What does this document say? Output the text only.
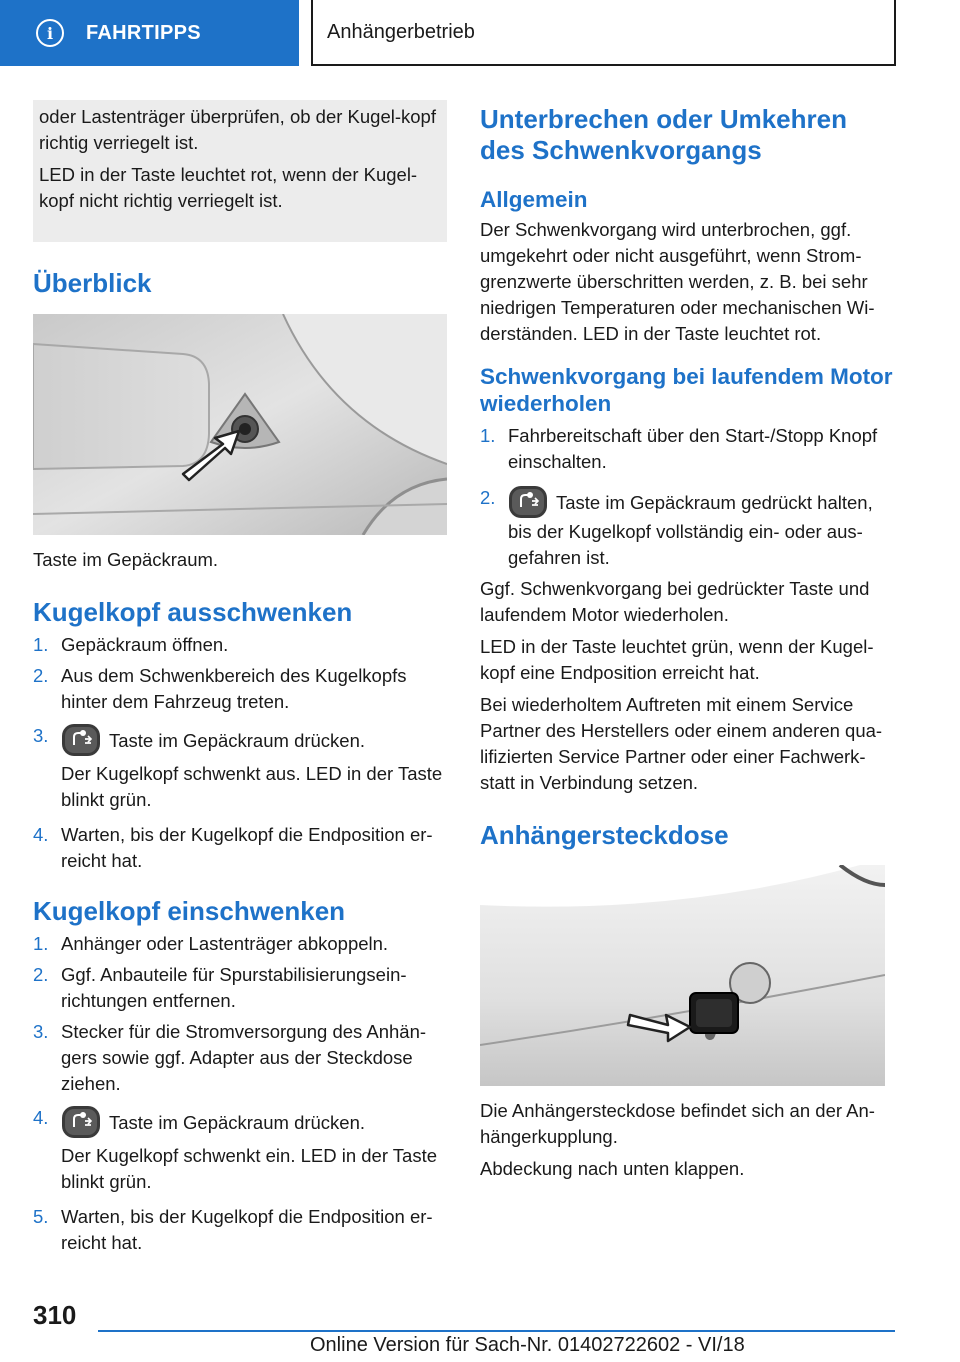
i	FAHRTIPPS	Anhängerbetrieb

oder Lastenträger überprüfen, ob der Kugel-kopf richtig verriegelt ist.

LED in der Taste leuchtet rot, wenn der Kugel-kopf nicht richtig verriegelt ist.

Überblick

Taste im Gepäckraum.

Kugelkopf ausschwenken
1. Gepäckraum öffnen.
2. Aus dem Schwenkbereich des Kugelkopfs hinter dem Fahrzeug treten.
3.	Taste im Gepäckraum drücken.

Der Kugelkopf schwenkt aus. LED in der Taste blinkt grün.

4. Warten, bis der Kugelkopf die Endposition er-reicht hat.
Kugelkopf einschwenken
1. Anhänger oder Lastenträger abkoppeln.
2. Ggf. Anbauteile für Spurstabilisierungsein-richtungen entfernen.
3. Stecker für die Stromversorgung des Anhän-gers sowie ggf. Adapter aus der Steckdose ziehen.
4.	Taste im Gepäckraum drücken.

Der Kugelkopf schwenkt ein. LED in der Taste blinkt grün.

5. Warten, bis der Kugelkopf die Endposition er-reicht hat.
Unterbrechen oder Umkehren des Schwenkvorgangs
Allgemein

Der Schwenkvorgang wird unterbrochen, ggf. umgekehrt oder nicht ausgeführt, wenn Strom-grenzwerte überschritten werden, z. B. bei sehr niedrigen Temperaturen oder mechanischen Wi-derständen. LED in der Taste leuchtet rot.

Schwenkvorgang bei laufendem Motor wiederholen
1. Fahrbereitschaft über den Start-/Stopp Knopf einschalten.
2.	Taste im Gepäckraum gedrückt halten, bis der Kugelkopf vollständig ein- oder aus-gefahren ist.

Ggf. Schwenkvorgang bei gedrückter Taste und laufendem Motor wiederholen.

LED in der Taste leuchtet grün, wenn der Kugel-kopf eine Endposition erreicht hat.

Bei wiederholtem Auftreten mit einem Service Partner des Herstellers oder einem anderen qua-lifizierten Service Partner oder einer Fachwerk-statt in Verbindung setzen.

Anhängersteckdose

Die Anhängersteckdose befindet sich an der An-hängerkupplung.

Abdeckung nach unten klappen.

310
Online Version für Sach-Nr. 01402722602 - VI/18
